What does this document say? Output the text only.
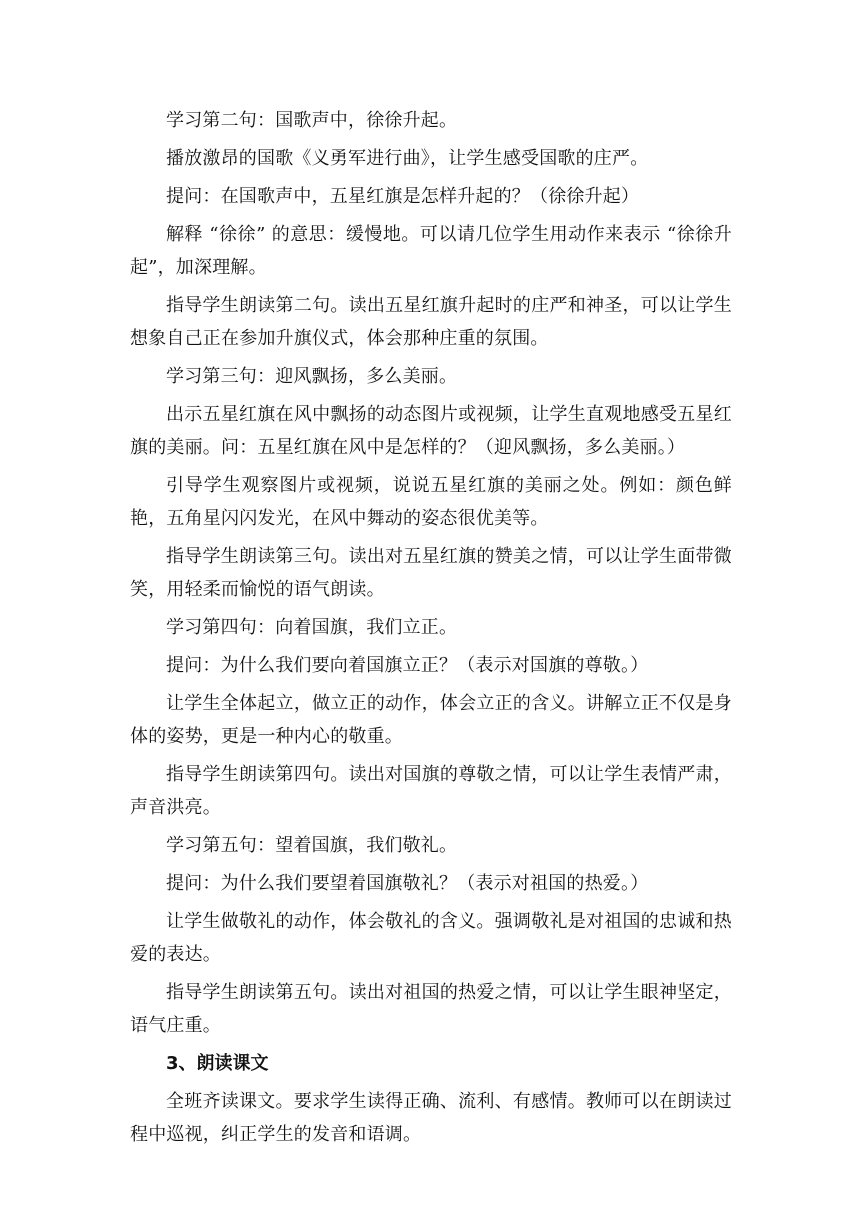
学习第二句：国歌声中，徐徐升起。

播放激昂的国歌《义勇军进行曲》，让学生感受国歌的庄严。

提问：在国歌声中，五星红旗是怎样升起的？（徐徐升起）

解释 “徐徐” 的意思：缓慢地。可以请几位学生用动作来表示 “徐徐升起”，加深理解。

指导学生朗读第二句。读出五星红旗升起时的庄严和神圣，可以让学生想象自己正在参加升旗仪式，体会那种庄重的氛围。

学习第三句：迎风飘扬，多么美丽。

出示五星红旗在风中飘扬的动态图片或视频，让学生直观地感受五星红旗的美丽。问：五星红旗在风中是怎样的？（迎风飘扬，多么美丽。）

引导学生观察图片或视频，说说五星红旗的美丽之处。例如：颜色鲜艳，五角星闪闪发光，在风中舞动的姿态很优美等。

指导学生朗读第三句。读出对五星红旗的赞美之情，可以让学生面带微笑，用轻柔而愉悦的语气朗读。

学习第四句：向着国旗，我们立正。

提问：为什么我们要向着国旗立正？（表示对国旗的尊敬。）

让学生全体起立，做立正的动作，体会立正的含义。讲解立正不仅是身体的姿势，更是一种内心的敬重。

指导学生朗读第四句。读出对国旗的尊敬之情，可以让学生表情严肃，声音洪亮。

学习第五句：望着国旗，我们敬礼。

提问：为什么我们要望着国旗敬礼？（表示对祖国的热爱。）

让学生做敬礼的动作，体会敬礼的含义。强调敬礼是对祖国的忠诚和热爱的表达。

指导学生朗读第五句。读出对祖国的热爱之情，可以让学生眼神坚定，语气庄重。

3、朗读课文

全班齐读课文。要求学生读得正确、流利、有感情。教师可以在朗读过程中巡视，纠正学生的发音和语调。
